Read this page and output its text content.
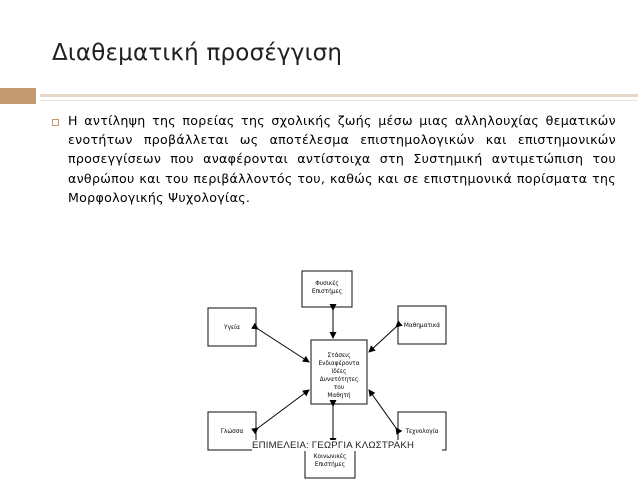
Διαθεματική προσέγγιση
Η αντίληψη της πορείας της σχολικής ζωής μέσω μιας αλληλουχίας θεματικών ενοτήτων προβάλλεται ως αποτέλεσμα επιστημολογικών και επιστημονικών προσεγγίσεων που αναφέρονται αντίστοιχα στη Συστημική αντιμετώπιση του ανθρώπου και του περιβάλλοντός του, καθώς και σε επιστημονικά πορίσματα της Μορφολογικής Ψυχολογίας.
Στάσεις
Ενδιαφέροντα
Ιδέες
Δυνατότητες
του
Μαθητή
Φυσικές
Επιστήμες
Υγεία	Μαθηματικά
Γλώσσα	Τεχνολογία
Κοινωνικές
Επιστήμες
ΕΠΙΜΕΛΕΙΑ: ΓΕΩΡΓΙΑ ΚΛΩΣΤΡΑΚΗ
